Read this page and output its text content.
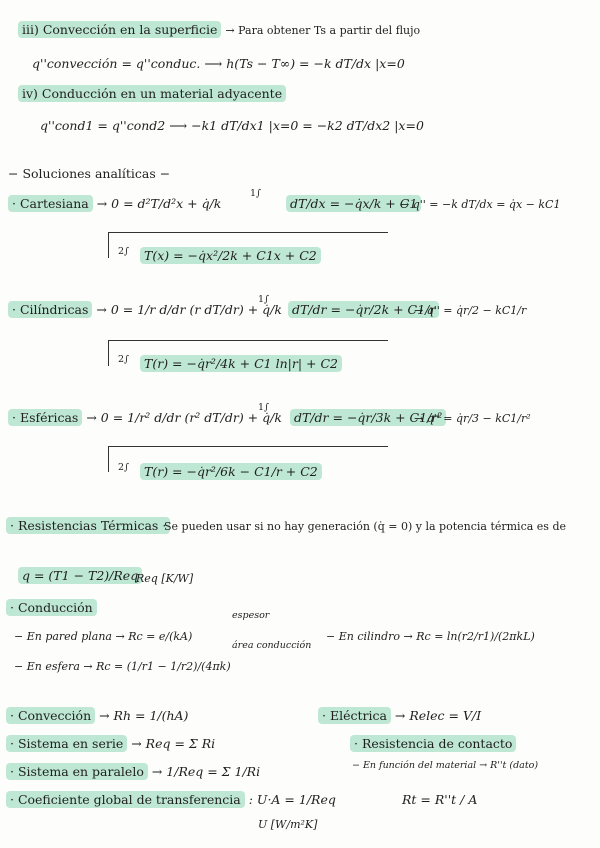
iii) Convección en la superficie → Para obtener Ts a partir del flujo
q''convección = q''conduc. ⟶ h(Ts − T∞) = −k dT/dx |x=0
iv) Conducción en un material adyacente
q''cond1 = q''cond2 ⟶ −k1 dT/dx1 |x=0 = −k2 dT/dx2 |x=0
− Soluciones analíticas −
· Cartesiana → 0 = d²T/d²x + q̇/k
1∫
dT/dx = −q̇x/k + C1
→ q'' = −k dT/dx = q̇x − kC1
2∫	T(x) = −q̇x²/2k + C1x + C2
· Cilíndricas → 0 = 1/r d/dr (r dT/dr) + q̇/k
1∫
dT/dr = −q̇r/2k + C1/r
→ q'' = q̇r/2 − kC1/r
2∫	T(r) = −q̇r²/4k + C1 ln|r| + C2
· Esféricas → 0 = 1/r² d/dr (r² dT/dr) + q̇/k
1∫
dT/dr = −q̇r/3k + C1/r²
→ q'' = q̇r/3 − kC1/r²
2∫	T(r) = −q̇r²/6k − C1/r + C2
· Resistencias Térmicas ·
Se pueden usar si no hay generación (q̇ = 0) y la potencia térmica es de
q = (T1 − T2)/Req
Req [K/W]
· Conducción
− En pared plana → Rc = e/(kA)
espesor
área conducción
− En cilindro → Rc = ln(r2/r1)/(2πkL)
− En esfera → Rc = (1/r1 − 1/r2)/(4πk)
· Convección → Rh = 1/(hA)	· Eléctrica → Relec = V/I
· Sistema en serie → Req = Σ Ri	· Resistencia de contacto
− En función del material → R''t (dato)
Rt = R''t / A
· Sistema en paralelo → 1/Req = Σ 1/Ri
· Coeficiente global de transferencia : U·A = 1/Req
U [W/m²K]
